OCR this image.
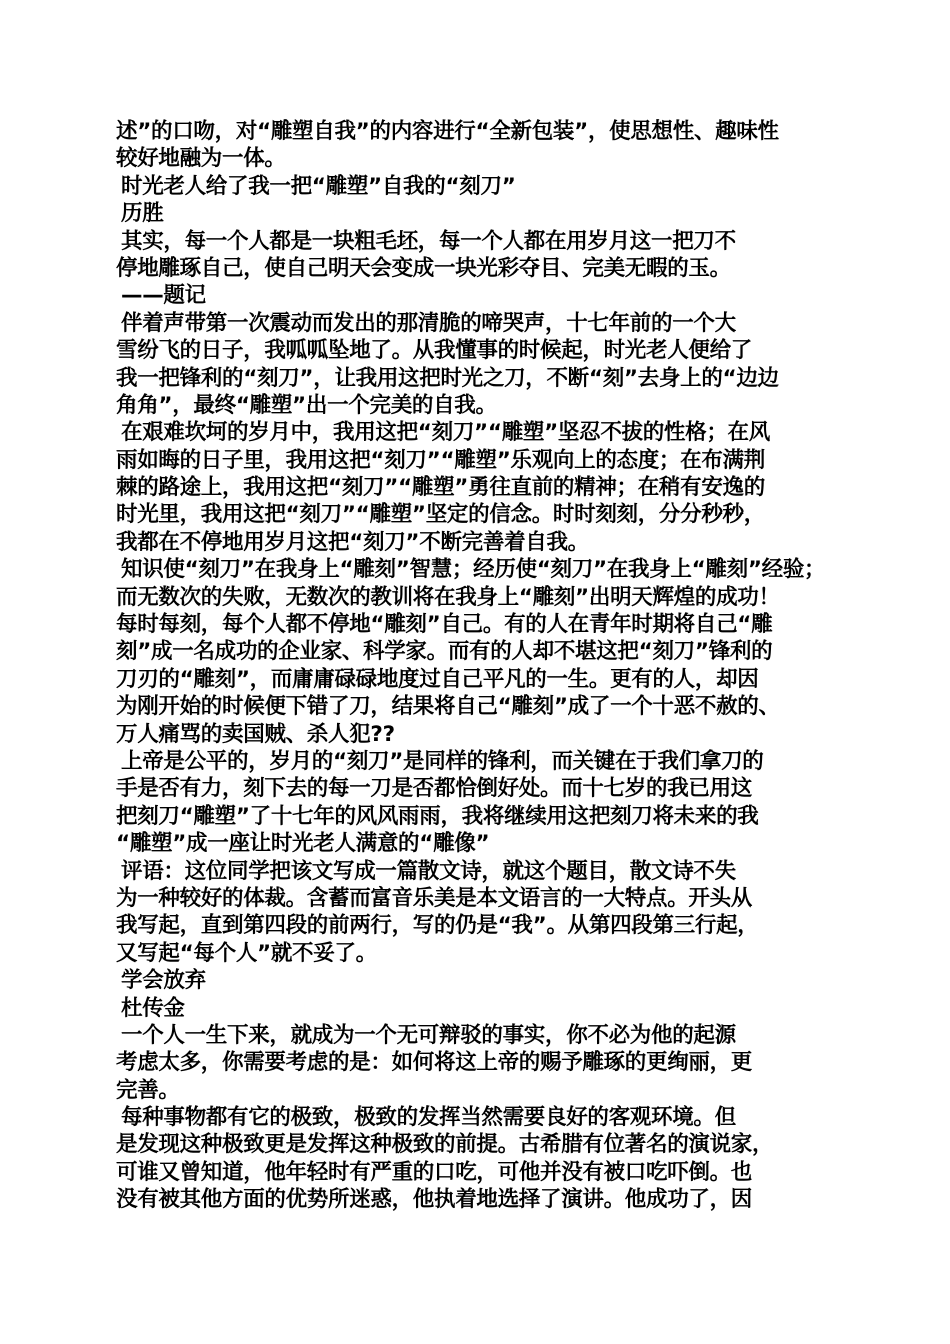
述”的口吻，对“雕塑自我”的内容进行“全新包装”，使思想性、趣味性
较好地融为一体。
时光老人给了我一把“雕塑”自我的“刻刀”
历胜
其实，每一个人都是一块粗毛坯，每一个人都在用岁月这一把刀不
停地雕琢自己，使自己明天会变成一块光彩夺目、完美无暇的玉。
——题记
伴着声带第一次震动而发出的那清脆的啼哭声，十七年前的一个大
雪纷飞的日子，我呱呱坠地了。从我懂事的时候起，时光老人便给了
我一把锋利的“刻刀”，让我用这把时光之刀，不断“刻”去身上的“边边
角角”，最终“雕塑”出一个完美的自我。
在艰难坎坷的岁月中，我用这把“刻刀”“雕塑”坚忍不拔的性格；在风
雨如晦的日子里，我用这把“刻刀”“雕塑”乐观向上的态度；在布满荆
棘的路途上，我用这把“刻刀”“雕塑”勇往直前的精神；在稍有安逸的
时光里，我用这把“刻刀”“雕塑”坚定的信念。时时刻刻，分分秒秒，
我都在不停地用岁月这把“刻刀”不断完善着自我。
知识使“刻刀”在我身上“雕刻”智慧；经历使“刻刀”在我身上“雕刻”经验；
而无数次的失败，无数次的教训将在我身上“雕刻”出明天辉煌的成功！
每时每刻，每个人都不停地“雕刻”自己。有的人在青年时期将自己“雕
刻”成一名成功的企业家、科学家。而有的人却不堪这把“刻刀”锋利的
刀刃的“雕刻”，而庸庸碌碌地度过自己平凡的一生。更有的人，却因
为刚开始的时候便下错了刀，结果将自己“雕刻”成了一个十恶不赦的、
万人痛骂的卖国贼、杀人犯??
上帝是公平的，岁月的“刻刀”是同样的锋利，而关键在于我们拿刀的
手是否有力，刻下去的每一刀是否都恰倒好处。而十七岁的我已用这
把刻刀“雕塑”了十七年的风风雨雨，我将继续用这把刻刀将未来的我
“雕塑”成一座让时光老人满意的“雕像”
评语：这位同学把该文写成一篇散文诗，就这个题目，散文诗不失
为一种较好的体裁。含蓄而富音乐美是本文语言的一大特点。开头从
我写起，直到第四段的前两行，写的仍是“我”。从第四段第三行起，
又写起“每个人”就不妥了。
学会放弃
杜传金
一个人一生下来，就成为一个无可辩驳的事实，你不必为他的起源
考虑太多，你需要考虑的是：如何将这上帝的赐予雕琢的更绚丽，更
完善。
每种事物都有它的极致，极致的发挥当然需要良好的客观环境。但
是发现这种极致更是发挥这种极致的前提。古希腊有位著名的演说家，
可谁又曾知道，他年轻时有严重的口吃，可他并没有被口吃吓倒。也
没有被其他方面的优势所迷惑，他执着地选择了演讲。他成功了，因
